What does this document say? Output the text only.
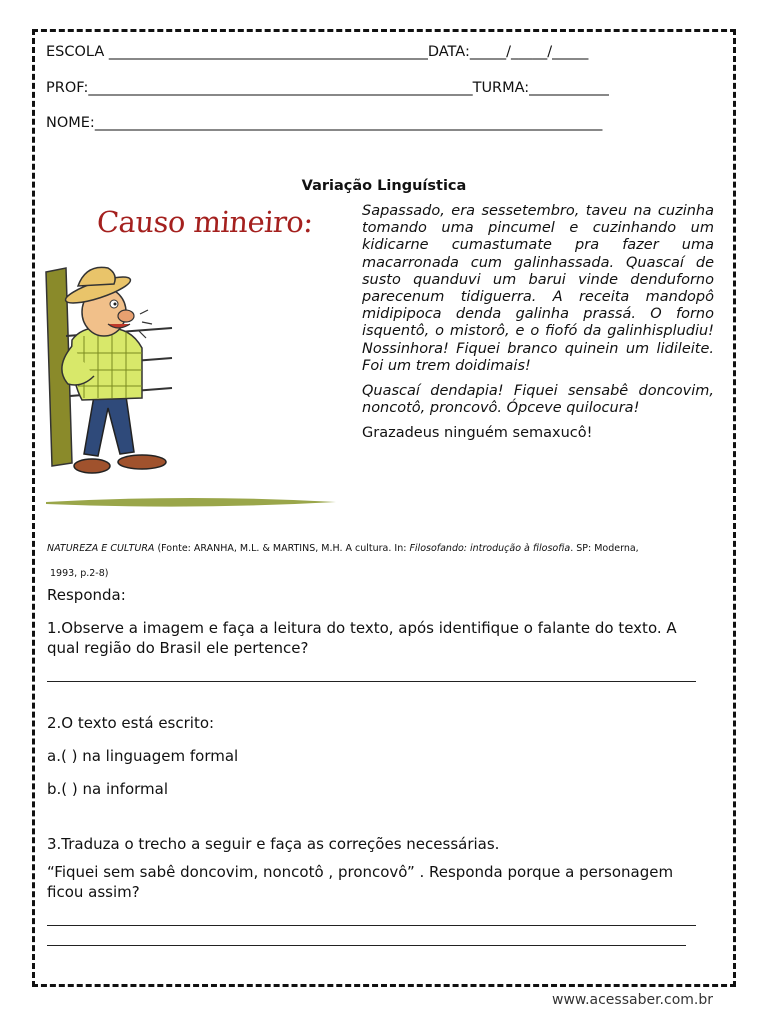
ESCOLA ____________________________________________DATA:_____/_____/_____
PROF:_____________________________________________________TURMA:___________
NOME:______________________________________________________________________
Variação Linguística
Causo mineiro:	Sapassado, era sessetembro, taveu na cuzinha tomando uma pincumel e cuzinhando um kidicarne cumastumate pra fazer uma macarronada cum galinhassada. Quascaí de susto quanduvi um barui vinde denduforno parecenum tidiguerra. A receita mandopô midipipoca denda galinha prassá. O forno isquentô, o mistorô, e o fiofó da galinhispludiu! Nossinhora! Fiquei branco quinein um lidileite. Foi um trem doidimais!

Quascaí dendapia! Fiquei sensabê doncovim, noncotô, proncovô. Ópceve quilocura!

Grazadeus ninguém semaxucô!

NATUREZA E CULTURA (Fonte: ARANHA, M.L. & MARTINS, M.H. A cultura. In: Filosofando: introdução à filosofia. SP: Moderna,
1993, p.2-8)
Responda:
1.Observe a imagem e faça a leitura do texto, após identifique o falante do texto. A qual região do Brasil ele pertence?
2.O texto está escrito:
a.( ) na linguagem formal
b.( ) na informal
3.Traduza o trecho a seguir e faça as correções necessárias.
“Fiquei sem sabê doncovim, noncotô , proncovô” . Responda porque a personagem ficou assim?
www.acessaber.com.br
